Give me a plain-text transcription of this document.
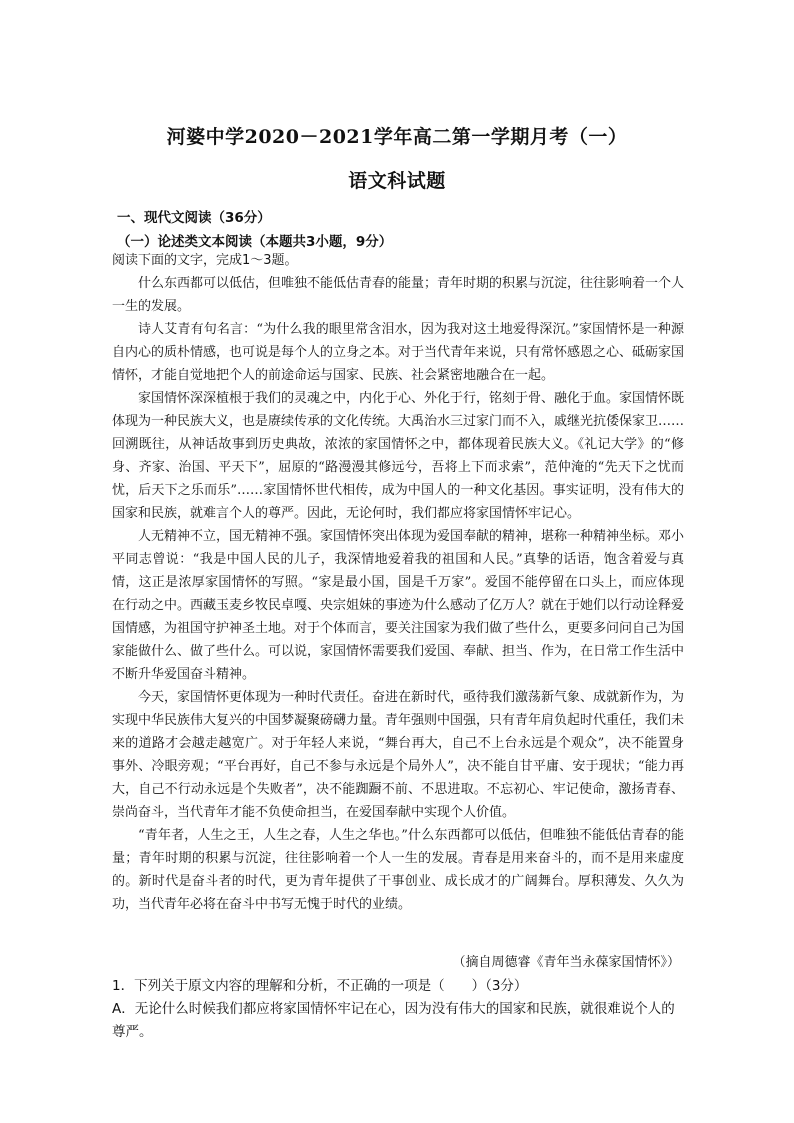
河婆中学2020－2021学年高二第一学期月考（一）
语文科试题
一、现代文阅读（36分）
（一）论述类文本阅读（本题共3小题，9分）

阅读下面的文字，完成1～3题。

什么东西都可以低估，但唯独不能低估青春的能量；青年时期的积累与沉淀，往往影响着一个人一生的发展。

诗人艾青有句名言：“为什么我的眼里常含泪水，因为我对这土地爱得深沉。”家国情怀是一种源自内心的质朴情感，也可说是每个人的立身之本。对于当代青年来说，只有常怀感恩之心、砥砺家国情怀，才能自觉地把个人的前途命运与国家、民族、社会紧密地融合在一起。

家国情怀深深植根于我们的灵魂之中，内化于心、外化于行，铭刻于骨、融化于血。家国情怀既体现为一种民族大义，也是赓续传承的文化传统。大禹治水三过家门而不入，戚继光抗倭保家卫……回溯既往，从神话故事到历史典故，浓浓的家国情怀之中，都体现着民族大义。《礼记大学》的“修身、齐家、治国、平天下”，屈原的“路漫漫其修远兮，吾将上下而求索”，范仲淹的“先天下之忧而忧，后天下之乐而乐”……家国情怀世代相传，成为中国人的一种文化基因。事实证明，没有伟大的国家和民族，就难言个人的尊严。因此，无论何时，我们都应将家国情怀牢记心。

人无精神不立，国无精神不强。家国情怀突出体现为爱国奉献的精神，堪称一种精神坐标。邓小平同志曾说：“我是中国人民的儿子，我深情地爱着我的祖国和人民。”真挚的话语，饱含着爱与真情，这正是浓厚家国情怀的写照。“家是最小国，国是千万家”。爱国不能停留在口头上，而应体现在行动之中。西藏玉麦乡牧民卓嘎、央宗姐妹的事迹为什么感动了亿万人？就在于她们以行动诠释爱国情感，为祖国守护神圣土地。对于个体而言，要关注国家为我们做了些什么，更要多问问自己为国家能做什么、做了些什么。可以说，家国情怀需要我们爱国、奉献、担当、作为，在日常工作生活中不断升华爱国奋斗精神。

今天，家国情怀更体现为一种时代责任。奋进在新时代，亟待我们激荡新气象、成就新作为，为实现中华民族伟大复兴的中国梦凝聚磅礴力量。青年强则中国强，只有青年肩负起时代重任，我们未来的道路才会越走越宽广。对于年轻人来说，“舞台再大，自己不上台永远是个观众”，决不能置身事外、冷眼旁观；“平台再好，自己不参与永远是个局外人”，决不能自甘平庸、安于现状；“能力再大，自己不行动永远是个失败者”，决不能踟蹰不前、不思进取。不忘初心、牢记使命，激扬青春、崇尚奋斗，当代青年才能不负使命担当，在爱国奉献中实现个人价值。

“青年者，人生之王，人生之春，人生之华也。”什么东西都可以低估，但唯独不能低估青春的能量；青年时期的积累与沉淀，往往影响着一个人一生的发展。青春是用来奋斗的，而不是用来虚度的。新时代是奋斗者的时代，更为青年提供了干事创业、成长成才的广阔舞台。厚积薄发、久久为功，当代青年必将在奋斗中书写无愧于时代的业绩。

（摘自周德睿《青年当永葆家国情怀》）
1．下列关于原文内容的理解和分析，不正确的一项是（　　）（3分）
A．无论什么时候我们都应将家国情怀牢记在心，因为没有伟大的国家和民族，就很难说个人的尊严。
